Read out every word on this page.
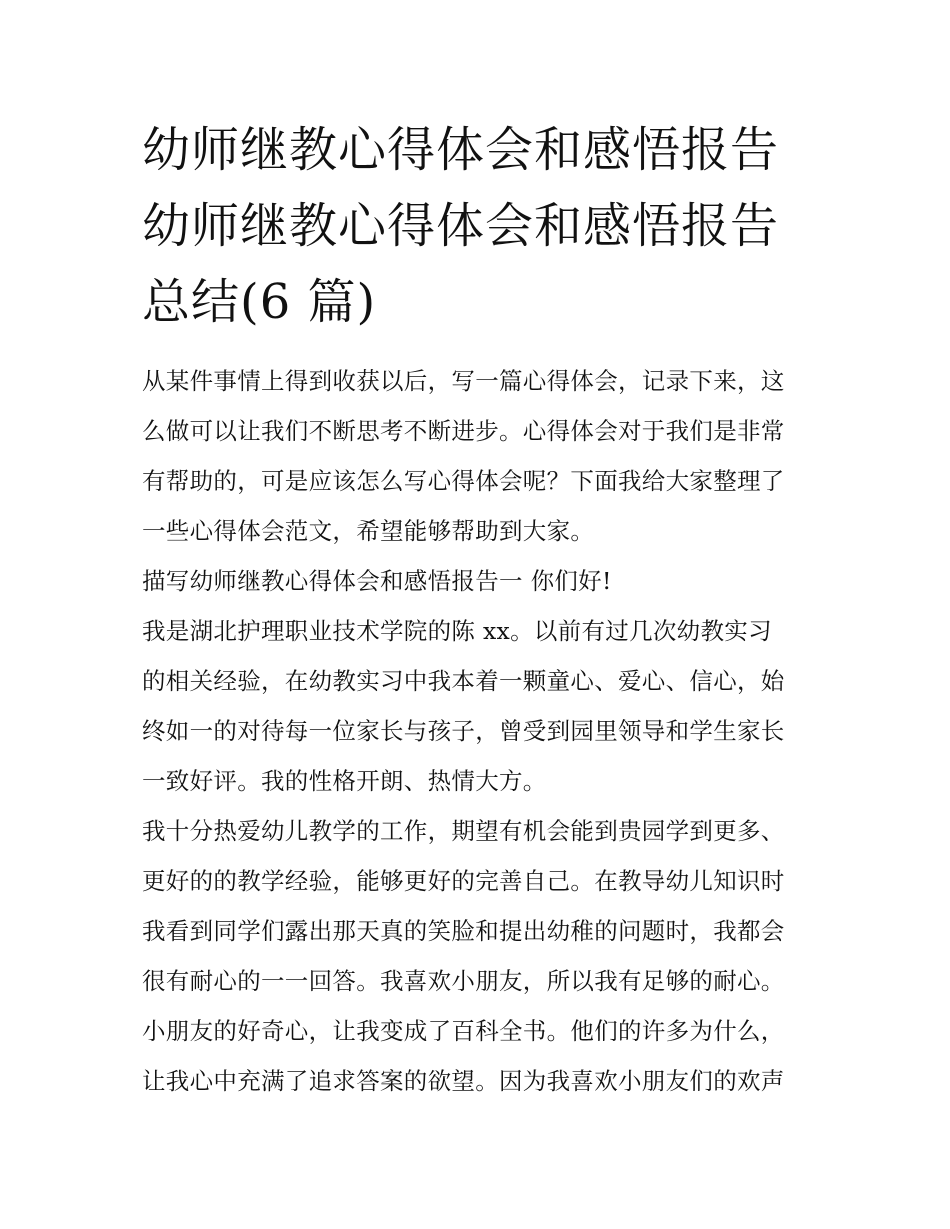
幼师继教心得体会和感悟报告
幼师继教心得体会和感悟报告
总结(6 篇)
从某件事情上得到收获以后，写一篇心得体会，记录下来，这
么做可以让我们不断思考不断进步。心得体会对于我们是非常
有帮助的，可是应该怎么写心得体会呢？下面我给大家整理了
一些心得体会范文，希望能够帮助到大家。
描写幼师继教心得体会和感悟报告一 你们好!
我是湖北护理职业技术学院的陈 xx。以前有过几次幼教实习
的相关经验，在幼教实习中我本着一颗童心、爱心、信心，始
终如一的对待每一位家长与孩子，曾受到园里领导和学生家长
一致好评。我的性格开朗、热情大方。
我十分热爱幼儿教学的工作，期望有机会能到贵园学到更多、
更好的的教学经验，能够更好的完善自己。在教导幼儿知识时
我看到同学们露出那天真的笑脸和提出幼稚的问题时，我都会
很有耐心的一一回答。我喜欢小朋友，所以我有足够的耐心。
小朋友的好奇心，让我变成了百科全书。他们的许多为什么，
让我心中充满了追求答案的欲望。因为我喜欢小朋友们的欢声
